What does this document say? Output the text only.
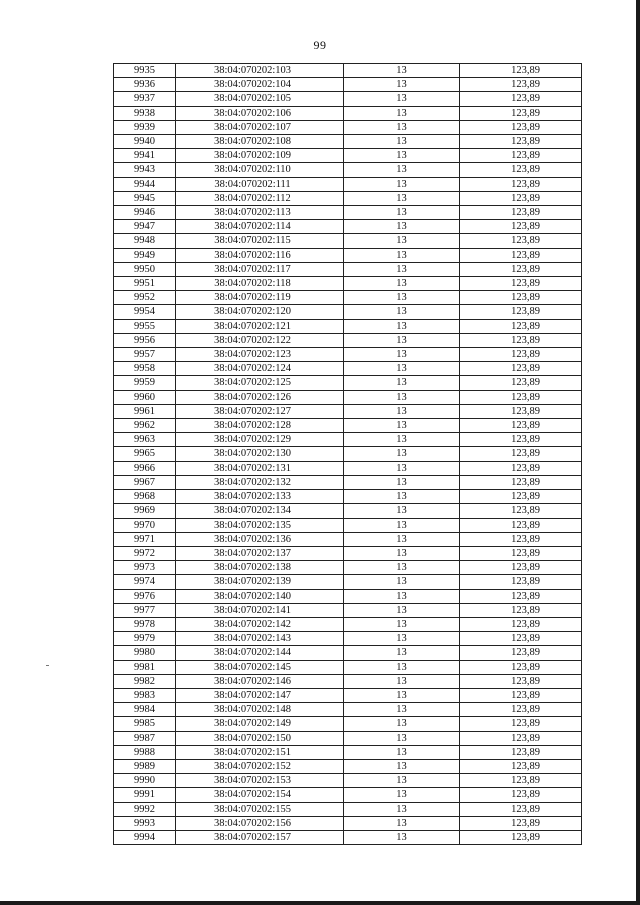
99
9935	38:04:070202:103	13	123,89
9936	38:04:070202:104	13	123,89
9937	38:04:070202:105	13	123,89
9938	38:04:070202:106	13	123,89
9939	38:04:070202:107	13	123,89
9940	38:04:070202:108	13	123,89
9941	38:04:070202:109	13	123,89
9943	38:04:070202:110	13	123,89
9944	38:04:070202:111	13	123,89
9945	38:04:070202:112	13	123,89
9946	38:04:070202:113	13	123,89
9947	38:04:070202:114	13	123,89
9948	38:04:070202:115	13	123,89
9949	38:04:070202:116	13	123,89
9950	38:04:070202:117	13	123,89
9951	38:04:070202:118	13	123,89
9952	38:04:070202:119	13	123,89
9954	38:04:070202:120	13	123,89
9955	38:04:070202:121	13	123,89
9956	38:04:070202:122	13	123,89
9957	38:04:070202:123	13	123,89
9958	38:04:070202:124	13	123,89
9959	38:04:070202:125	13	123,89
9960	38:04:070202:126	13	123,89
9961	38:04:070202:127	13	123,89
9962	38:04:070202:128	13	123,89
9963	38:04:070202:129	13	123,89
9965	38:04:070202:130	13	123,89
9966	38:04:070202:131	13	123,89
9967	38:04:070202:132	13	123,89
9968	38:04:070202:133	13	123,89
9969	38:04:070202:134	13	123,89
9970	38:04:070202:135	13	123,89
9971	38:04:070202:136	13	123,89
9972	38:04:070202:137	13	123,89
9973	38:04:070202:138	13	123,89
9974	38:04:070202:139	13	123,89
9976	38:04:070202:140	13	123,89
9977	38:04:070202:141	13	123,89
9978	38:04:070202:142	13	123,89
9979	38:04:070202:143	13	123,89
9980	38:04:070202:144	13	123,89
9981	38:04:070202:145	13	123,89
9982	38:04:070202:146	13	123,89
9983	38:04:070202:147	13	123,89
9984	38:04:070202:148	13	123,89
9985	38:04:070202:149	13	123,89
9987	38:04:070202:150	13	123,89
9988	38:04:070202:151	13	123,89
9989	38:04:070202:152	13	123,89
9990	38:04:070202:153	13	123,89
9991	38:04:070202:154	13	123,89
9992	38:04:070202:155	13	123,89
9993	38:04:070202:156	13	123,89
9994	38:04:070202:157	13	123,89
